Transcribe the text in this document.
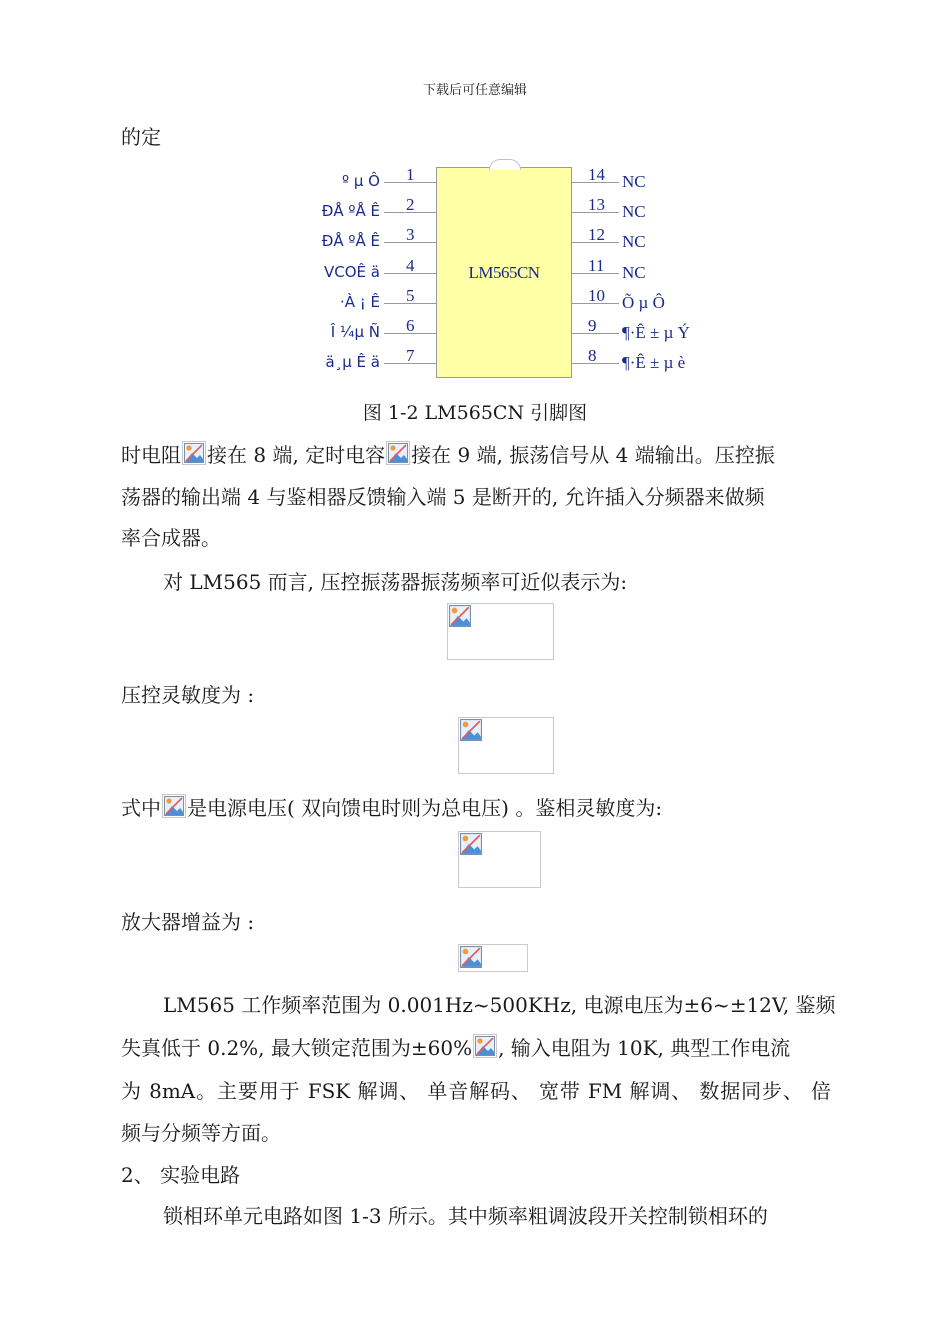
下载后可任意编辑
的定
LM565CN
1
º µ Ô
2
ÐÅ ºÅ Ê
3
ÐÅ ºÅ Ê
4
VCOÊ ä
5
·À ¡ Ê
6
Î ¼µ Ñ
7
ä¸µ Ê ä
14 NC
13 NC
12 NC
11 NC
10 Õ µ Ô
9 ¶·Ê ± µ Ý
8 ¶·Ê ± µ è
图 1-2 LM565CN 引脚图
时电阻 接在 8 端, 定时电容 接在 9 端, 振荡信号从 4 端输出。压控振
荡器的输出端 4 与鉴相器反馈输入端 5 是断开的, 允许插入分频器来做频
率合成器。
对 LM565 而言, 压控振荡器振荡频率可近似表示为:
压控灵敏度为 :
式中 是电源电压( 双向馈电时则为总电压) 。鉴相灵敏度为:
放大器增益为 :
LM565 工作频率范围为 0.001Hz~500KHz, 电源电压为±6~±12V, 鉴频
失真低于 0.2%, 最大锁定范围为±60% , 输入电阻为 10K, 典型工作电流
为 8mA。主要用于 FSK 解调、 单音解码、 宽带 FM 解调、 数据同步、 倍
频与分频等方面。
2、 实验电路
锁相环单元电路如图 1-3 所示。其中频率粗调波段开关控制锁相环的
